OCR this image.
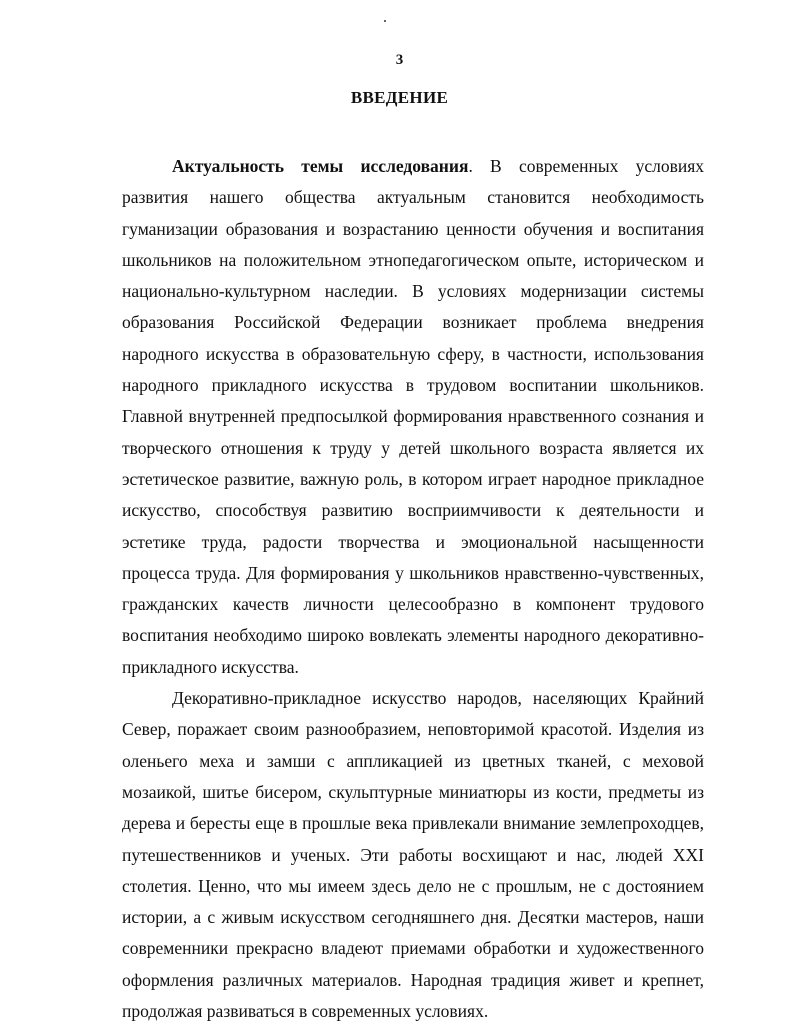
3
ВВЕДЕНИЕ

Актуальность темы исследования. В современных условиях развития нашего общества актуальным становится необходимость гуманизации образования и возрастанию ценности обучения и воспитания школьников на положительном этнопедагогическом опыте, историческом и национально-культурном наследии. В условиях модернизации системы образования Российской Федерации возникает проблема внедрения народного искусства в образовательную сферу, в частности, использования народного прикладного искусства в трудовом воспитании школьников. Главной внутренней предпосылкой формирования нравственного сознания и творческого отношения к труду у детей школьного возраста является их эстетическое развитие, важную роль, в котором играет народное прикладное искусство, способствуя развитию восприимчивости к деятельности и эстетике труда, радости творчества и эмоциональной насыщенности процесса труда. Для формирования у школьников нравственно-чувственных, гражданских качеств личности целесообразно в компонент трудового воспитания необходимо широко вовлекать элементы народного декоративно-прикладного искусства.

Декоративно-прикладное искусство народов, населяющих Крайний Север, поражает своим разнообразием, неповторимой красотой. Изделия из оленьего меха и замши с аппликацией из цветных тканей, с меховой мозаикой, шитье бисером, скульптурные миниатюры из кости, предметы из дерева и бересты еще в прошлые века привлекали внимание землепроходцев, путешественников и ученых. Эти работы восхищают и нас, людей XXI столетия. Ценно, что мы имеем здесь дело не с прошлым, не с достоянием истории, а с живым искусством сегодняшнего дня. Десятки мастеров, наши современники прекрасно владеют приемами обработки и художественного оформления различных материалов. Народная традиция живет и крепнет, продолжая развиваться в современных условиях.
